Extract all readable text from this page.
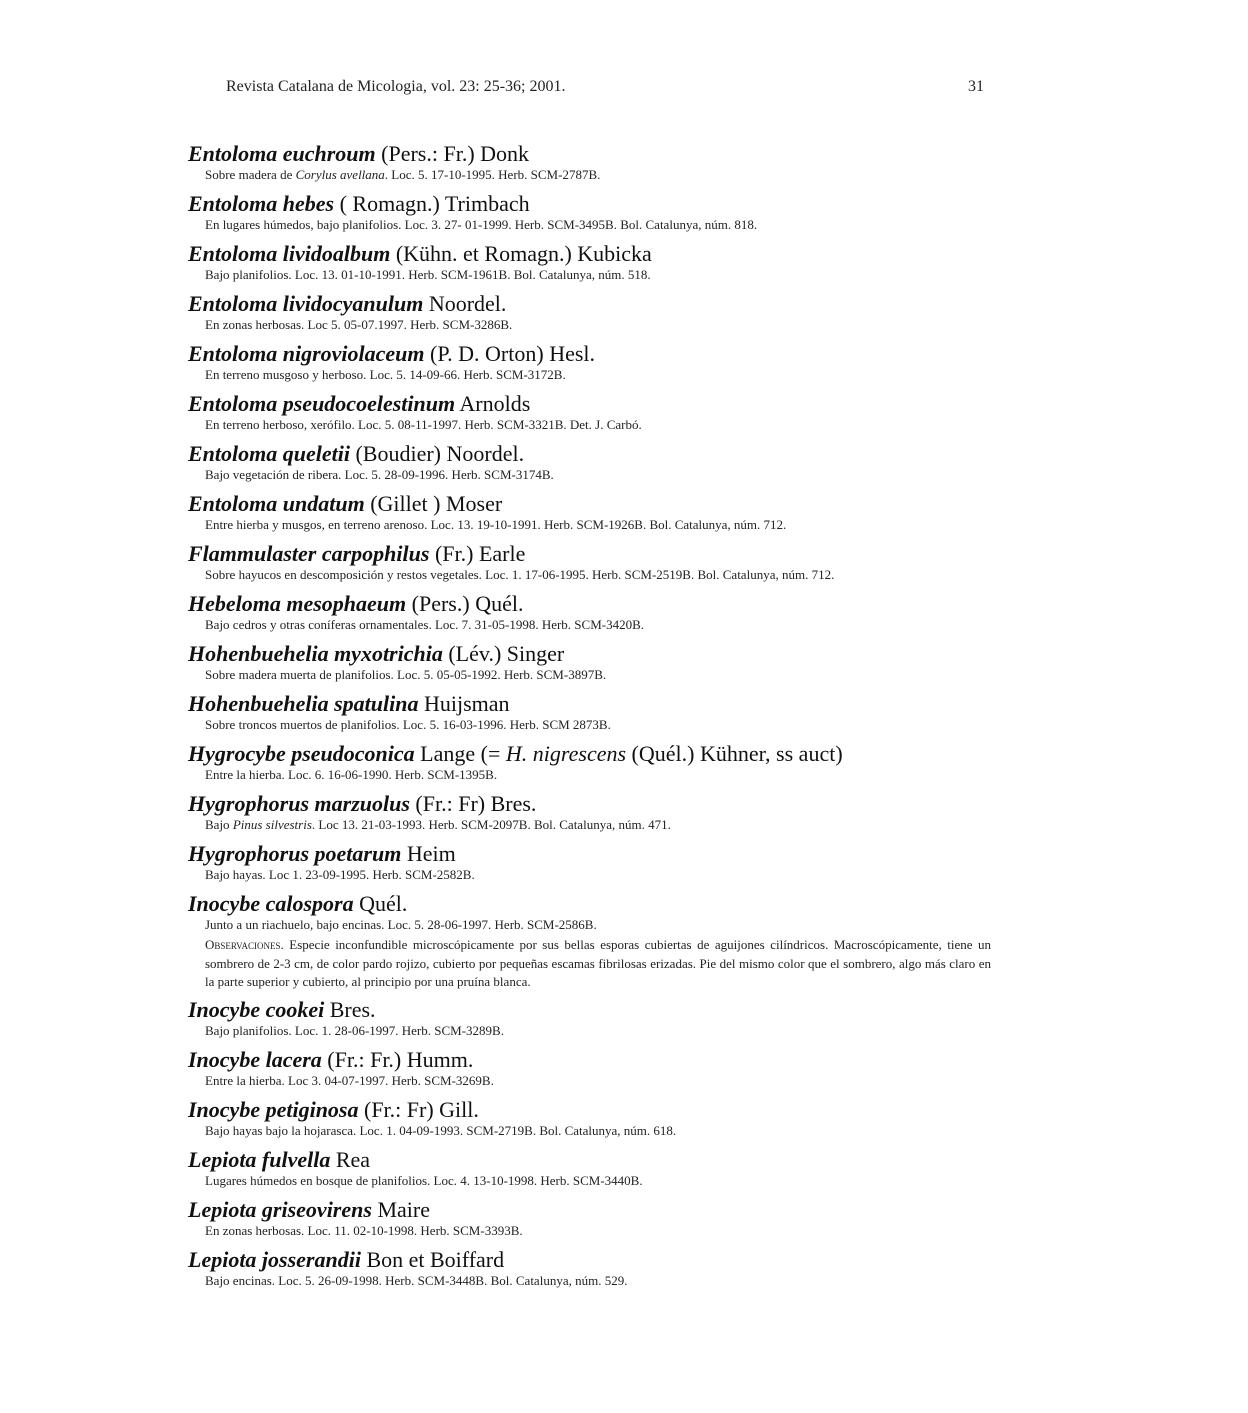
Revista Catalana de Micologia, vol. 23: 25-36; 2001.	31
Entoloma euchroum (Pers.: Fr.) Donk
Sobre madera de Corylus avellana. Loc. 5. 17-10-1995. Herb. SCM-2787B.
Entoloma hebes ( Romagn.) Trimbach
En lugares húmedos, bajo planifolios. Loc. 3. 27- 01-1999. Herb. SCM-3495B. Bol. Catalunya, núm. 818.
Entoloma lividoalbum (Kühn. et Romagn.) Kubicka
Bajo planifolios. Loc. 13. 01-10-1991. Herb. SCM-1961B. Bol. Catalunya, núm. 518.
Entoloma lividocyanulum Noordel.
En zonas herbosas. Loc 5. 05-07.1997. Herb. SCM-3286B.
Entoloma nigroviolaceum (P. D. Orton) Hesl.
En terreno musgoso y herboso. Loc. 5. 14-09-66. Herb. SCM-3172B.
Entoloma pseudocoelestinum Arnolds
En terreno herboso, xerófilo. Loc. 5. 08-11-1997. Herb. SCM-3321B. Det. J. Carbó.
Entoloma queletii (Boudier) Noordel.
Bajo vegetación de ribera. Loc. 5. 28-09-1996. Herb. SCM-3174B.
Entoloma undatum (Gillet ) Moser
Entre hierba y musgos, en terreno arenoso. Loc. 13. 19-10-1991. Herb. SCM-1926B. Bol. Catalunya, núm. 712.
Flammulaster carpophilus (Fr.) Earle
Sobre hayucos en descomposición y restos vegetales. Loc. 1. 17-06-1995. Herb. SCM-2519B. Bol. Catalunya, núm. 712.
Hebeloma mesophaeum (Pers.) Quél.
Bajo cedros y otras coníferas ornamentales. Loc. 7. 31-05-1998. Herb. SCM-3420B.
Hohenbuehelia myxotrichia (Lév.) Singer
Sobre madera muerta de planifolios. Loc. 5. 05-05-1992. Herb. SCM-3897B.
Hohenbuehelia spatulina Huijsman
Sobre troncos muertos de planifolios. Loc. 5. 16-03-1996. Herb. SCM 2873B.
Hygrocybe pseudoconica Lange (= H. nigrescens (Quél.) Kühner, ss auct)
Entre la hierba. Loc. 6. 16-06-1990. Herb. SCM-1395B.
Hygrophorus marzuolus (Fr.: Fr) Bres.
Bajo Pinus silvestris. Loc 13. 21-03-1993. Herb. SCM-2097B. Bol. Catalunya, núm. 471.
Hygrophorus poetarum Heim
Bajo hayas. Loc 1. 23-09-1995. Herb. SCM-2582B.
Inocybe calospora Quél.
Junto a un riachuelo, bajo encinas. Loc. 5. 28-06-1997. Herb. SCM-2586B.
Observaciones. Especie inconfundible microscópicamente por sus bellas esporas cubiertas de aguijones cilíndricos. Macroscópicamente, tiene un sombrero de 2-3 cm, de color pardo rojizo, cubierto por pequeñas escamas fibrilosas erizadas. Pie del mismo color que el sombrero, algo más claro en la parte superior y cubierto, al principio por una pruína blanca.
Inocybe cookei Bres.
Bajo planifolios. Loc. 1. 28-06-1997. Herb. SCM-3289B.
Inocybe lacera (Fr.: Fr.) Humm.
Entre la hierba. Loc 3. 04-07-1997. Herb. SCM-3269B.
Inocybe petiginosa (Fr.: Fr) Gill.
Bajo hayas bajo la hojarasca. Loc. 1. 04-09-1993. SCM-2719B. Bol. Catalunya, núm. 618.
Lepiota fulvella Rea
Lugares húmedos en bosque de planifolios. Loc. 4. 13-10-1998. Herb. SCM-3440B.
Lepiota griseovirens Maire
En zonas herbosas. Loc. 11. 02-10-1998. Herb. SCM-3393B.
Lepiota josserandii Bon et Boiffard
Bajo encinas. Loc. 5. 26-09-1998. Herb. SCM-3448B. Bol. Catalunya, núm. 529.
